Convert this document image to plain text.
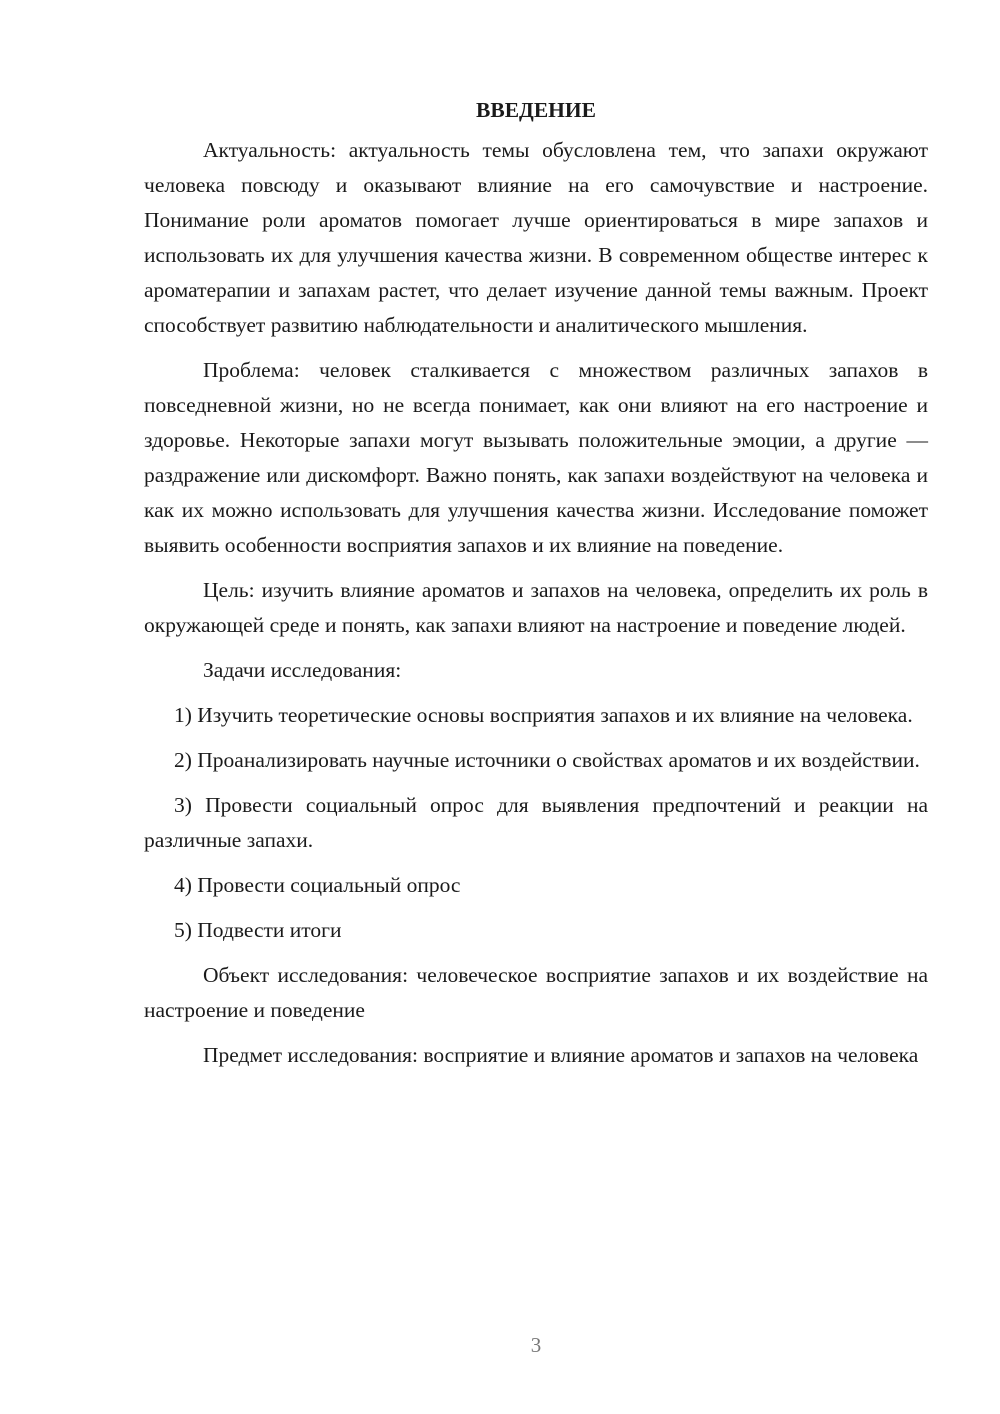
ВВЕДЕНИЕ

Актуальность: актуальность темы обусловлена тем, что запахи окружают человека повсюду и оказывают влияние на его самочувствие и настроение. Понимание роли ароматов помогает лучше ориентироваться в мире запахов и использовать их для улучшения качества жизни. В современном обществе интерес к ароматерапии и запахам растет, что делает изучение данной темы важным. Проект способствует развитию наблюдательности и аналитического мышления.

Проблема: человек сталкивается с множеством различных запахов в повседневной жизни, но не всегда понимает, как они влияют на его настроение и здоровье. Некоторые запахи могут вызывать положительные эмоции, а другие — раздражение или дискомфорт. Важно понять, как запахи воздействуют на человека и как их можно использовать для улучшения качества жизни. Исследование поможет выявить особенности восприятия запахов и их влияние на поведение.

Цель: изучить влияние ароматов и запахов на человека, определить их роль в окружающей среде и понять, как запахи влияют на настроение и поведение людей.

Задачи исследования:

1) Изучить теоретические основы восприятия запахов и их влияние на человека.

2) Проанализировать научные источники о свойствах ароматов и их воздействии.

3) Провести социальный опрос для выявления предпочтений и реакции на различные запахи.

4) Провести социальный опрос

5) Подвести итоги

Объект исследования: человеческое восприятие запахов и их воздействие на настроение и поведение

Предмет исследования: восприятие и влияние ароматов и запахов на человека

3
